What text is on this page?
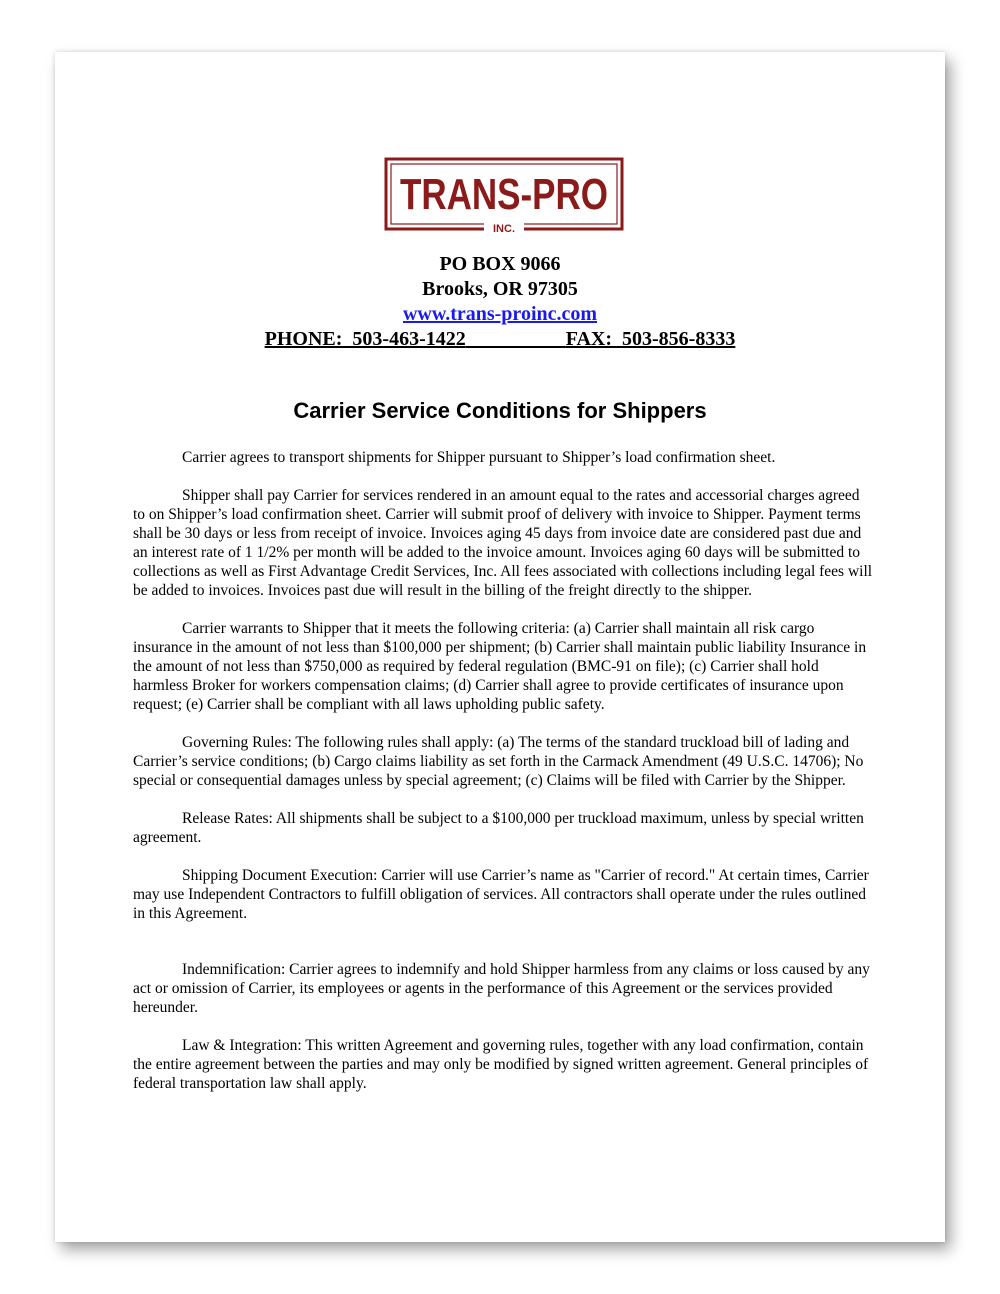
TRANS-PRO
INC.
PO BOX 9066
Brooks, OR 97305
www.trans-proinc.com
PHONE:  503-463-1422	FAX:  503-856-8333
Carrier Service Conditions for Shippers

Carrier agrees to transport shipments for Shipper pursuant to Shipper’s load confirmation sheet.

Shipper shall pay Carrier for services rendered in an amount equal to the rates and accessorial charges agreed to on Shipper’s load confirmation sheet. Carrier will submit proof of delivery with invoice to Shipper. Payment terms shall be 30 days or less from receipt of invoice. Invoices aging 45 days from invoice date are considered past due and an interest rate of 1 1/2% per month will be added to the invoice amount. Invoices aging 60 days will be submitted to collections as well as First Advantage Credit Services, Inc. All fees associated with collections including legal fees will be added to invoices. Invoices past due will result in the billing of the freight directly to the shipper.

Carrier warrants to Shipper that it meets the following criteria: (a) Carrier shall maintain all risk cargo insurance in the amount of not less than $100,000 per shipment; (b) Carrier shall maintain public liability Insurance in the amount of not less than $750,000 as required by federal regulation (BMC-91 on file); (c) Carrier shall hold harmless Broker for workers compensation claims; (d) Carrier shall agree to provide certificates of insurance upon request; (e) Carrier shall be compliant with all laws upholding public safety.

Governing Rules: The following rules shall apply: (a) The terms of the standard truckload bill of lading and Carrier’s service conditions; (b) Cargo claims liability as set forth in the Carmack Amendment (49 U.S.C. 14706); No special or consequential damages unless by special agreement; (c) Claims will be filed with Carrier by the Shipper.

Release Rates: All shipments shall be subject to a $100,000 per truckload maximum, unless by special written agreement.

Shipping Document Execution: Carrier will use Carrier’s name as "Carrier of record." At certain times, Carrier may use Independent Contractors to fulfill obligation of services. All contractors shall operate under the rules outlined in this Agreement.

Indemnification: Carrier agrees to indemnify and hold Shipper harmless from any claims or loss caused by any act or omission of Carrier, its employees or agents in the performance of this Agreement or the services provided hereunder.

Law & Integration: This written Agreement and governing rules, together with any load confirmation, contain the entire agreement between the parties and may only be modified by signed written agreement. General principles of federal transportation law shall apply.
